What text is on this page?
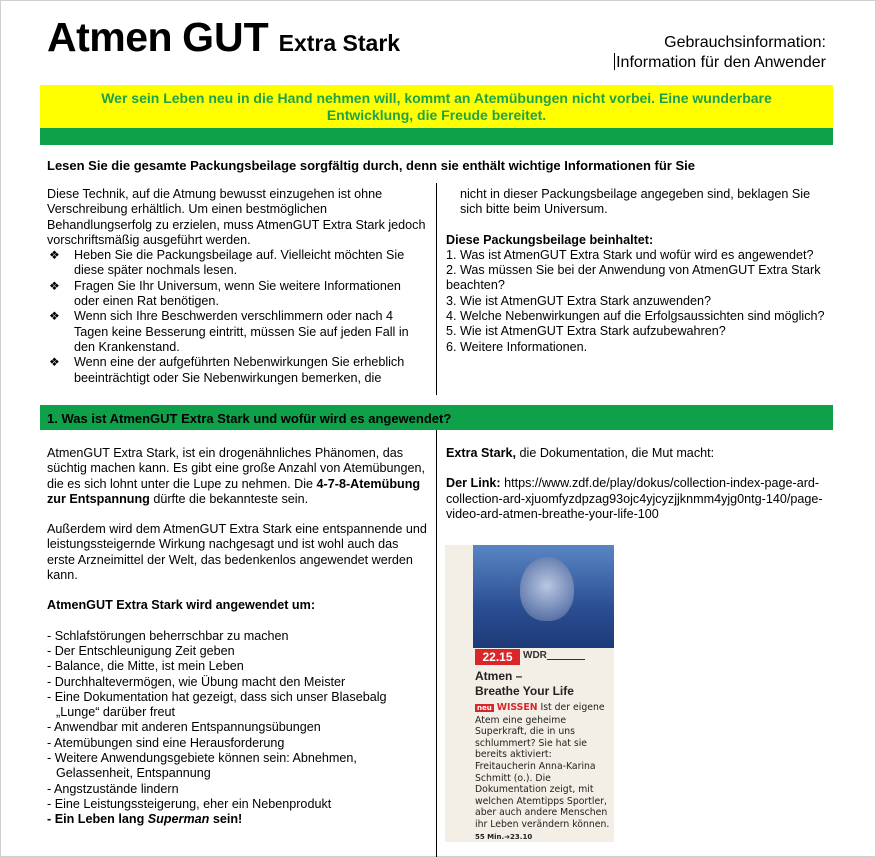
Atmen GUT Extra Stark	Gebrauchsinformation:
Information für den Anwender
Wer sein Leben neu in die Hand nehmen will, kommt an Atemübungen nicht vorbei. Eine wunderbare Entwicklung, die Freude bereitet.
Lesen Sie die gesamte Packungsbeilage sorgfältig durch, denn sie enthält wichtige Informationen für Sie

Diese Technik, auf die Atmung bewusst einzugehen ist ohne Verschreibung erhältlich. Um einen bestmöglichen Behandlungserfolg zu erzielen, muss AtmenGUT Extra Stark jedoch vorschriftsmäßig ausgeführt werden.

❖ Heben Sie die Packungsbeilage auf. Vielleicht möchten Sie diese später nochmals lesen.
❖ Fragen Sie Ihr Universum, wenn Sie weitere Informationen oder einen Rat benötigen.
❖ Wenn sich Ihre Beschwerden verschlimmern oder nach 4 Tagen keine Besserung eintritt, müssen Sie auf jeden Fall in den Krankenstand.
❖ Wenn eine der aufgeführten Nebenwirkungen Sie erheblich beeinträchtigt oder Sie Nebenwirkungen bemerken, die

nicht in dieser Packungsbeilage angegeben sind, beklagen Sie sich bitte beim Universum.

Diese Packungsbeilage beinhaltet:

1. Was ist AtmenGUT Extra Stark und wofür wird es angewendet?

2. Was müssen Sie bei der Anwendung von AtmenGUT Extra Stark beachten?

3. Wie ist AtmenGUT Extra Stark anzuwenden?

4. Welche Nebenwirkungen auf die Erfolgsaussichten sind möglich?

5. Wie ist AtmenGUT Extra Stark aufzubewahren?

6. Weitere Informationen.

1. Was ist AtmenGUT Extra Stark und wofür wird es angewendet?

AtmenGUT Extra Stark, ist ein drogenähnliches Phänomen, das süchtig machen kann. Es gibt eine große Anzahl von Atemübungen, die es sich lohnt unter die Lupe zu nehmen. Die 4-7-8-Atemübung zur Entspannung dürfte die bekannteste sein.

Außerdem wird dem AtmenGUT Extra Stark eine entspannende und leistungssteigernde Wirkung nachgesagt und ist wohl auch das erste Arzneimittel der Welt, das bedenkenlos angewendet werden kann.

AtmenGUT Extra Stark wird angewendet um:

- Schlafstörungen beherrschbar zu machen
- Der Entschleunigung Zeit geben
- Balance, die Mitte, ist mein Leben
- Durchhaltevermögen, wie Übung macht den Meister
- Eine Dokumentation hat gezeigt, dass sich unser Blasebalg „Lunge“ darüber freut
- Anwendbar mit anderen Entspannungsübungen
- Atemübungen sind eine Herausforderung
- Weitere Anwendungsgebiete können sein: Abnehmen, Gelassenheit, Entspannung
- Angstzustände lindern
- Eine Leistungssteigerung, eher ein Nebenprodukt
- Ein Leben lang Superman sein!

Extra Stark, die Dokumentation, die Mut macht:

Der Link: https://www.zdf.de/play/dokus/collection-index-page-ard-collection-ard-xjuomfyzdpzag93ojc4yjcyzjjknmm4yjg0ntg-140/page-video-ard-atmen-breathe-your-life-100

22.15	WDR
Atmen –
Breathe Your Life
neu WISSEN Ist der eigene Atem eine geheime Superkraft, die in uns schlummert? Sie hat sie bereits aktiviert: Freitaucherin Anna-Karina Schmitt (o.). Die Dokumentation zeigt, mit welchen Atemtipps Sportler, aber auch andere Menschen ihr Leben verändern können. 55 Min.➜23.10
